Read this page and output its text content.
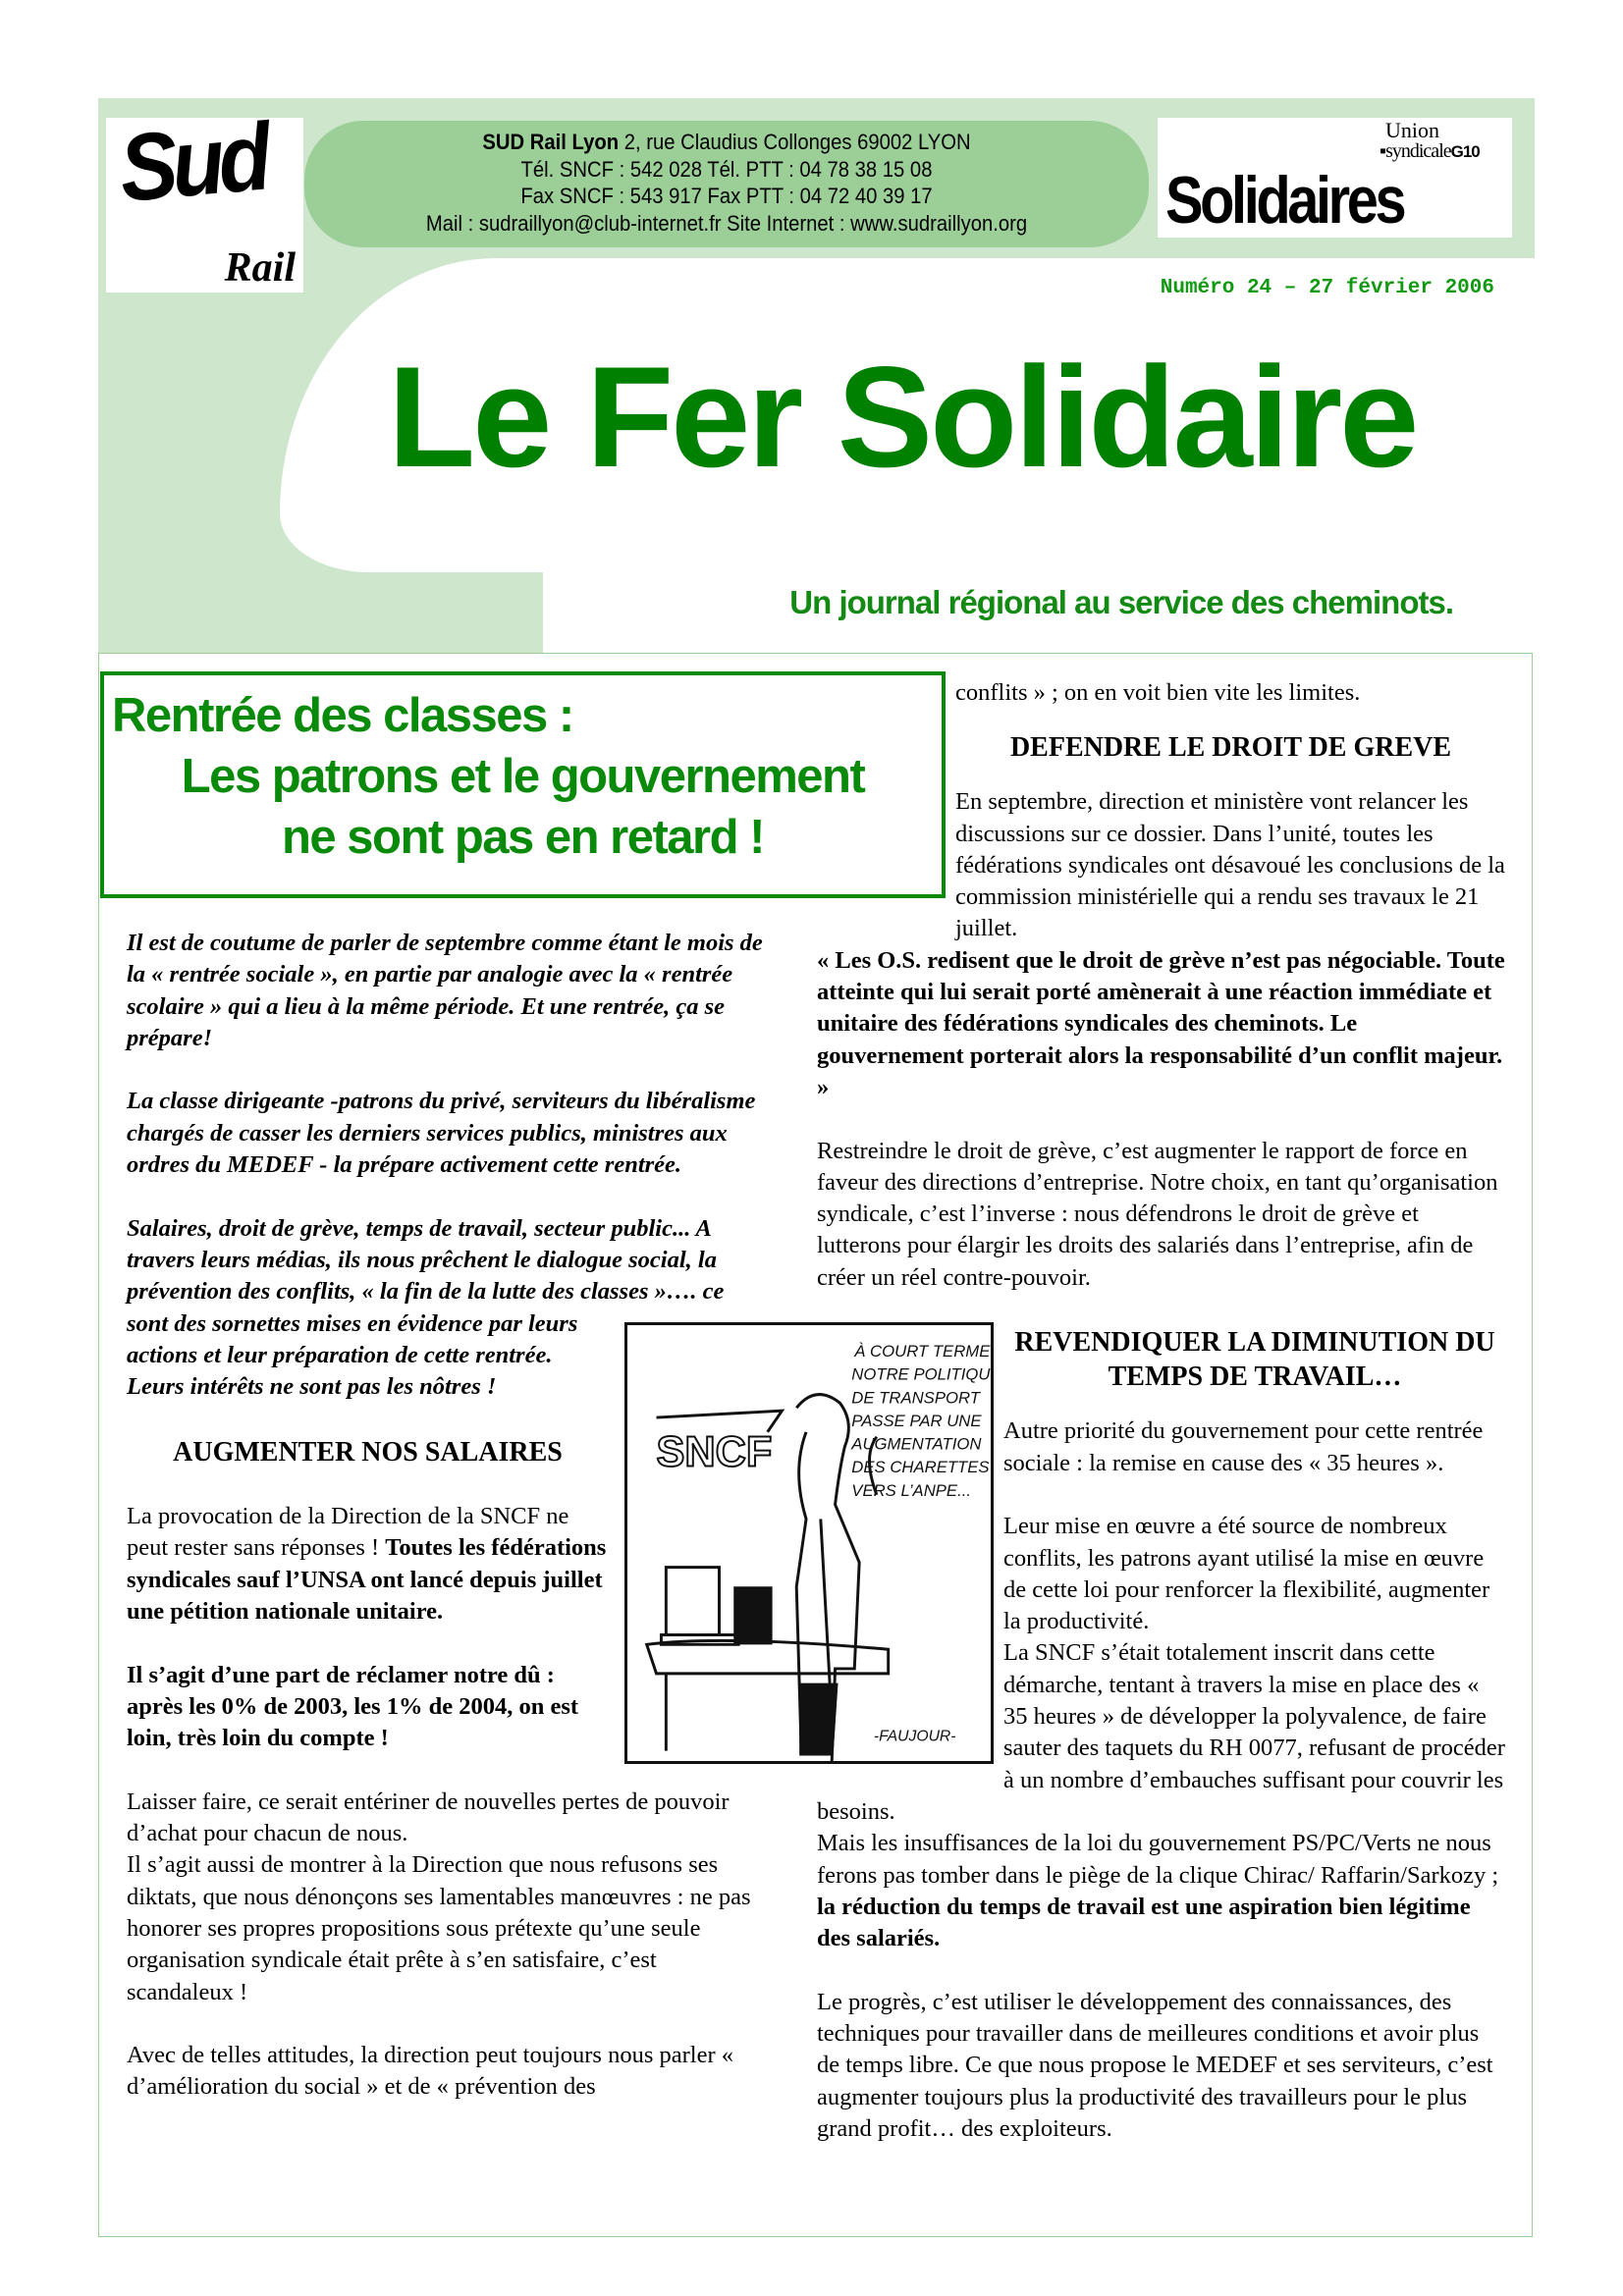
Sud
Rail
SUD Rail Lyon 2, rue Claudius Collonges 69002 LYON
Tél. SNCF : 542 028 Tél. PTT : 04 78 38 15 08
Fax SNCF : 543 917 Fax PTT : 04 72 40 39 17
Mail : sudraillyon@club-internet.fr Site Internet : www.sudraillyon.org
Union
▪syndicaleG10
Solidaires
Numéro 24 – 27 février 2006
Le Fer Solidaire
Un journal régional au service des cheminots.
Rentrée des classes :
Les patrons et le gouvernement
ne sont pas en retard !

Il est de coutume de parler de septembre comme étant le mois de la « rentrée sociale », en partie par analogie avec la « rentrée scolaire » qui a lieu à la même période. Et une rentrée, ça se prépare!

La classe dirigeante -patrons du privé, serviteurs du libéralisme chargés de casser les derniers services publics, ministres aux ordres du MEDEF - la prépare activement cette rentrée.

Salaires, droit de grève, temps de travail, secteur public... A travers leurs médias, ils nous prêchent le dialogue social, la prévention des conflits, « la fin de la lutte des classes »…. ce sont des sornettes mises en évidence par leurs actions et leur préparation de cette rentrée. Leurs intérêts ne sont pas les nôtres !

AUGMENTER NOS SALAIRES

La provocation de la Direction de la SNCF ne peut rester sans réponses ! Toutes les fédérations syndicales sauf l’UNSA ont lancé depuis juillet une pétition nationale unitaire.

Il s’agit d’une part de réclamer notre dû : après les 0% de 2003, les 1% de 2004, on est loin, très loin du compte !

Laisser faire, ce serait entériner de nouvelles pertes de pouvoir d’achat pour chacun de nous.

Il s’agit aussi de montrer à la Direction que nous refusons ses diktats, que nous dénonçons ses lamentables manœuvres : ne pas honorer ses propres propositions sous prétexte qu’une seule organisation syndicale était prête à s’en satisfaire, c’est scandaleux !

Avec de telles attitudes, la direction peut toujours nous parler « d’amélioration du social » et de « prévention des

conflits » ; on en voit bien vite les limites.

DEFENDRE LE DROIT DE GREVE

En septembre, direction et ministère vont relancer les discussions sur ce dossier. Dans l’unité, toutes les fédérations syndicales ont désavoué les conclusions de la commission ministérielle qui a rendu ses travaux le 21 juillet.

« Les O.S. redisent que le droit de grève n’est pas négociable. Toute atteinte qui lui serait porté amènerait à une réaction immédiate et unitaire des fédérations syndicales des cheminots. Le gouvernement porterait alors la responsabilité d’un conflit majeur. »

Restreindre le droit de grève, c’est augmenter le rapport de force en faveur des directions d’entreprise. Notre choix, en tant qu’organisation syndicale, c’est l’inverse : nous défendrons le droit de grève et lutterons pour élargir les droits des salariés dans l’entreprise, afin de créer un réel contre-pouvoir.

REVENDIQUER LA DIMINUTION DU TEMPS DE TRAVAIL…

Autre priorité du gouvernement pour cette rentrée sociale : la remise en cause des « 35 heures ».

Leur mise en œuvre a été source de nombreux conflits, les patrons ayant utilisé la mise en œuvre de cette loi pour renforcer la flexibilité, augmenter la productivité.

La SNCF s’était totalement inscrit dans cette démarche, tentant à travers la mise en place des « 35 heures » de développer la polyvalence, de faire sauter des taquets du RH 0077, refusant de procéder à un nombre d’embauches suffisant pour couvrir les besoins.

Mais les insuffisances de la loi du gouvernement PS/PC/Verts ne nous ferons pas tomber dans le piège de la clique Chirac/ Raffarin/Sarkozy ; la réduction du temps de travail est une aspiration bien légitime des salariés.

Le progrès, c’est utiliser le développement des connaissances, des techniques pour travailler dans de meilleures conditions et avoir plus de temps libre. Ce que nous propose le MEDEF et ses serviteurs, c’est augmenter toujours plus la productivité des travailleurs pour le plus grand profit… des exploiteurs.

SNCF
À COURT TERME
NOTRE POLITIQUE
DE TRANSPORT
PASSE PAR UNE
AUGMENTATION
DES CHARETTES
VERS L’ANPE...
-FAUJOUR-
